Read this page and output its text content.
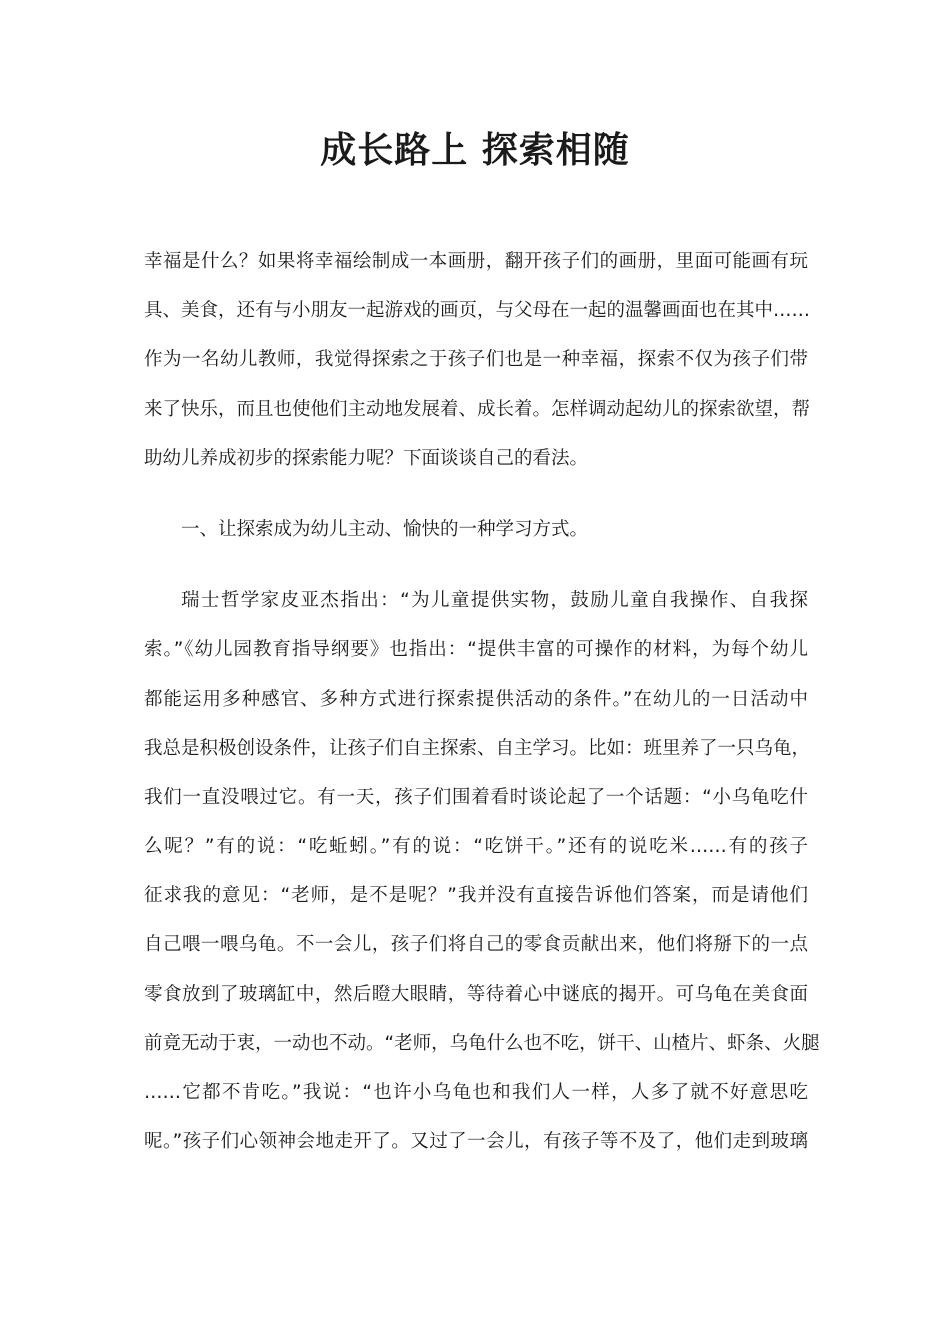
成长路上 探索相随
幸福是什么？如果将幸福绘制成一本画册，翻开孩子们的画册，里面可能画有玩
具、美食，还有与小朋友一起游戏的画页，与父母在一起的温馨画面也在其中……
作为一名幼儿教师，我觉得探索之于孩子们也是一种幸福，探索不仅为孩子们带
来了快乐，而且也使他们主动地发展着、成长着。怎样调动起幼儿的探索欲望，帮
助幼儿养成初步的探索能力呢？下面谈谈自己的看法。
一、让探索成为幼儿主动、愉快的一种学习方式。
瑞士哲学家皮亚杰指出：“为儿童提供实物，鼓励儿童自我操作、自我探
索。”《幼儿园教育指导纲要》也指出：“提供丰富的可操作的材料，为每个幼儿
都能运用多种感官、多种方式进行探索提供活动的条件。”在幼儿的一日活动中
我总是积极创设条件，让孩子们自主探索、自主学习。比如：班里养了一只乌龟，
我们一直没喂过它。有一天，孩子们围着看时谈论起了一个话题：“小乌龟吃什
么呢？”有的说：“吃蚯蚓。”有的说：“吃饼干。”还有的说吃米……有的孩子
征求我的意见：“老师，是不是呢？”我并没有直接告诉他们答案，而是请他们
自己喂一喂乌龟。不一会儿，孩子们将自己的零食贡献出来，他们将掰下的一点
零食放到了玻璃缸中，然后瞪大眼睛，等待着心中谜底的揭开。可乌龟在美食面
前竟无动于衷，一动也不动。“老师，乌龟什么也不吃，饼干、山楂片、虾条、火腿
……它都不肯吃。”我说：“也许小乌龟也和我们人一样，人多了就不好意思吃
呢。”孩子们心领神会地走开了。又过了一会儿，有孩子等不及了，他们走到玻璃
